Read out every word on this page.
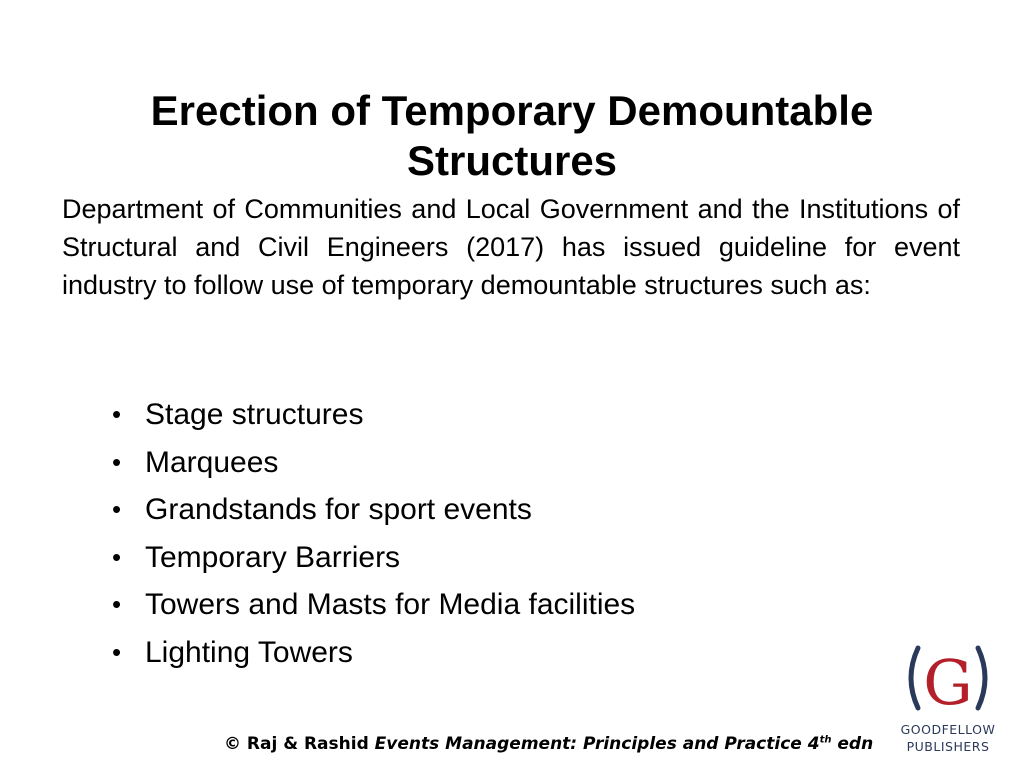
Erection of Temporary Demountable Structures

Department of Communities and Local Government and the Institutions of Structural and Civil Engineers (2017) has issued guideline for event industry to follow use of temporary demountable structures such as:

• Stage structures
• Marquees
• Grandstands for sport events
• Temporary Barriers
• Towers and Masts for Media facilities
• Lighting Towers
© Raj & Rashid Events Management: Principles and Practice 4th edn
G
GOODFELLOW
PUBLISHERS
